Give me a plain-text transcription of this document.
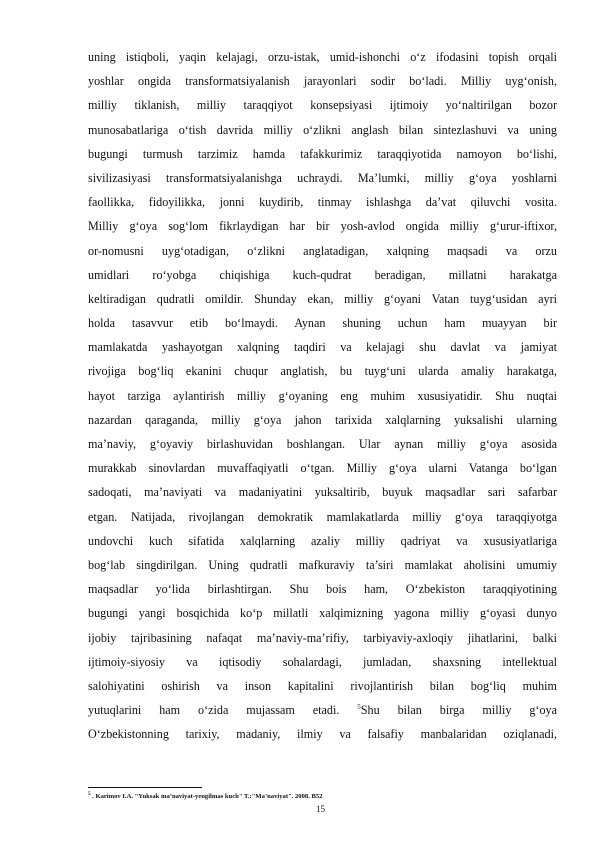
uning istiqboli, yaqin kelajagi, orzu-istak, umid-ishonchi o‘z ifodasini topish orqali
yoshlar ongida transformatsiyalanish jarayonlari sodir bo‘ladi. Milliy uyg‘onish,
milliy tiklanish, milliy taraqqiyot konsepsiyasi ijtimoiy yo‘naltirilgan bozor
munosabatlariga o‘tish davrida milliy o‘zlikni anglash bilan sintezlashuvi va uning
bugungi turmush tarzimiz hamda tafakkurimiz taraqqiyotida namoyon bo‘lishi,
sivilizasiyasi transformatsiyalanishga uchraydi. Ma’lumki, milliy g‘oya yoshlarni
faollikka, fidoyilikka, jonni kuydirib, tinmay ishlashga da’vat qiluvchi vosita.
Milliy g‘oya sog‘lom fikrlaydigan har bir yosh-avlod ongida milliy g‘urur-iftixor,
or-nomusni uyg‘otadigan, o‘zlikni anglatadigan, xalqning maqsadi va orzu
umidlari ro‘yobga chiqishiga kuch-qudrat beradigan, millatni harakatga
keltiradigan qudratli omildir. Shunday ekan, milliy g‘oyani Vatan tuyg‘usidan ayri
holda tasavvur etib bo‘lmaydi. Aynan shuning uchun ham muayyan bir
mamlakatda yashayotgan xalqning taqdiri va kelajagi shu davlat va jamiyat
rivojiga bog‘liq ekanini chuqur anglatish, bu tuyg‘uni ularda amaliy harakatga,
hayot tarziga aylantirish milliy g‘oyaning eng muhim xususiyatidir. Shu nuqtai
nazardan qaraganda, milliy g‘oya jahon tarixida xalqlarning yuksalishi ularning
ma’naviy, g‘oyaviy birlashuvidan boshlangan. Ular aynan milliy g‘oya asosida
murakkab sinovlardan muvaffaqiyatli o‘tgan. Milliy g‘oya ularni Vatanga bo‘lgan
sadoqati, ma’naviyati va madaniyatini yuksaltirib, buyuk maqsadlar sari safarbar
etgan. Natijada, rivojlangan demokratik mamlakatlarda milliy g‘oya taraqqiyotga
undovchi kuch sifatida xalqlarning azaliy milliy qadriyat va xususiyatlariga
bog‘lab singdirilgan. Uning qudratli mafkuraviy ta’siri mamlakat aholisini umumiy
maqsadlar yo‘lida birlashtirgan. Shu bois ham, O‘zbekiston taraqqiyotining
bugungi yangi bosqichida ko‘p millatli xalqimizning yagona milliy g‘oyasi dunyo
ijobiy tajribasining nafaqat ma’naviy-ma’rifiy, tarbiyaviy-axloqiy jihatlarini, balki
ijtimoiy-siyosiy va iqtisodiy sohalardagi, jumladan, shaxsning intellektual
salohiyatini oshirish va inson kapitalini rivojlantirish bilan bog‘liq muhim
yutuqlarini ham o‘zida mujassam etadi.	$^5$Shu bilan birga milliy g‘oya
O‘zbekistonning tarixiy, madaniy, ilmiy va falsafiy manbalaridan oziqlanadi,
$^5$ . Karimov I.A. "Yuksak ma’naviyat-yengilmas kuch" T.:"Ma’naviyat". 2008. B52
15
